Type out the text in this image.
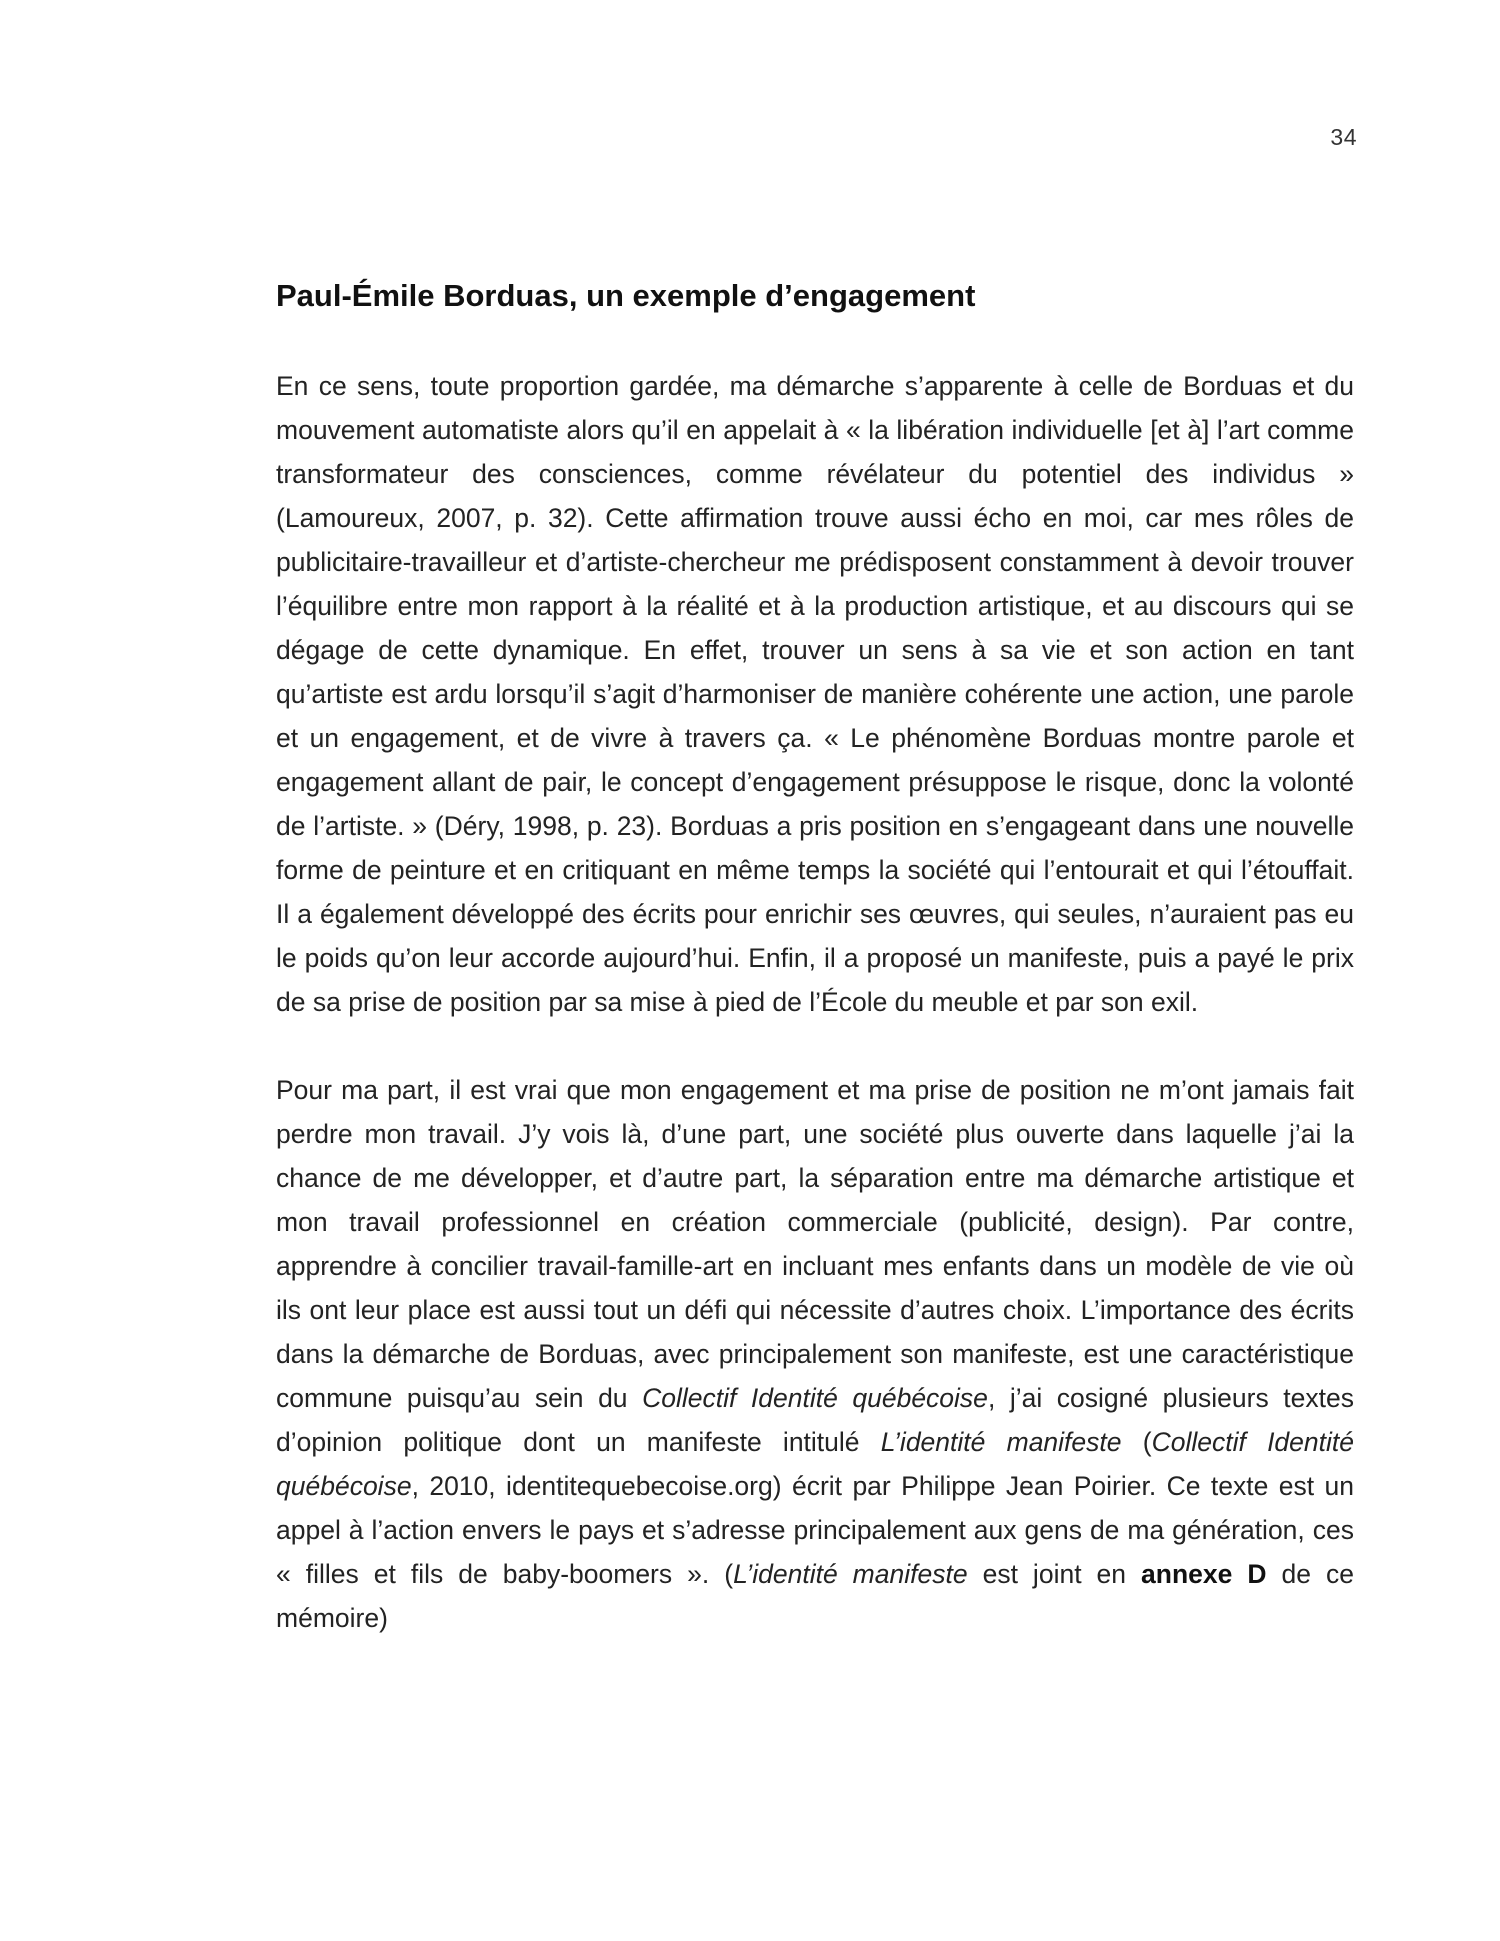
34
Paul-Émile Borduas, un exemple d’engagement

En ce sens, toute proportion gardée, ma démarche s’apparente à celle de Borduas et du mouvement automatiste alors qu’il en appelait à « la libération individuelle [et à] l’art comme transformateur des consciences, comme révélateur du potentiel des individus » (Lamoureux, 2007, p. 32). Cette affirmation trouve aussi écho en moi, car mes rôles de publicitaire-travailleur et d’artiste-chercheur me prédisposent constamment à devoir trouver l’équilibre entre mon rapport à la réalité et à la production artistique, et au discours qui se dégage de cette dynamique. En effet, trouver un sens à sa vie et son action en tant qu’artiste est ardu lorsqu’il s’agit d’harmoniser de manière cohérente une action, une parole et un engagement, et de vivre à travers ça. « Le phénomène Borduas montre parole et engagement allant de pair, le concept d’engagement présuppose le risque, donc la volonté de l’artiste. » (Déry, 1998, p. 23). Borduas a pris position en s’engageant dans une nouvelle forme de peinture et en critiquant en même temps la société qui l’entourait et qui l’étouffait. Il a également développé des écrits pour enrichir ses œuvres, qui seules, n’auraient pas eu le poids qu’on leur accorde aujourd’hui. Enfin, il a proposé un manifeste, puis a payé le prix de sa prise de position par sa mise à pied de l’École du meuble et par son exil.

Pour ma part, il est vrai que mon engagement et ma prise de position ne m’ont jamais fait perdre mon travail. J’y vois là, d’une part, une société plus ouverte dans laquelle j’ai la chance de me développer, et d’autre part, la séparation entre ma démarche artistique et mon travail professionnel en création commerciale (publicité, design). Par contre, apprendre à concilier travail-famille-art en incluant mes enfants dans un modèle de vie où ils ont leur place est aussi tout un défi qui nécessite d’autres choix. L’importance des écrits dans la démarche de Borduas, avec principalement son manifeste, est une caractéristique commune puisqu’au sein du Collectif Identité québécoise, j’ai cosigné plusieurs textes d’opinion politique dont un manifeste intitulé L’identité manifeste (Collectif Identité québécoise, 2010, identitequebecoise.org) écrit par Philippe Jean Poirier. Ce texte est un appel à l’action envers le pays et s’adresse principalement aux gens de ma génération, ces « filles et fils de baby-boomers ». (L’identité manifeste est joint en annexe D de ce mémoire)
